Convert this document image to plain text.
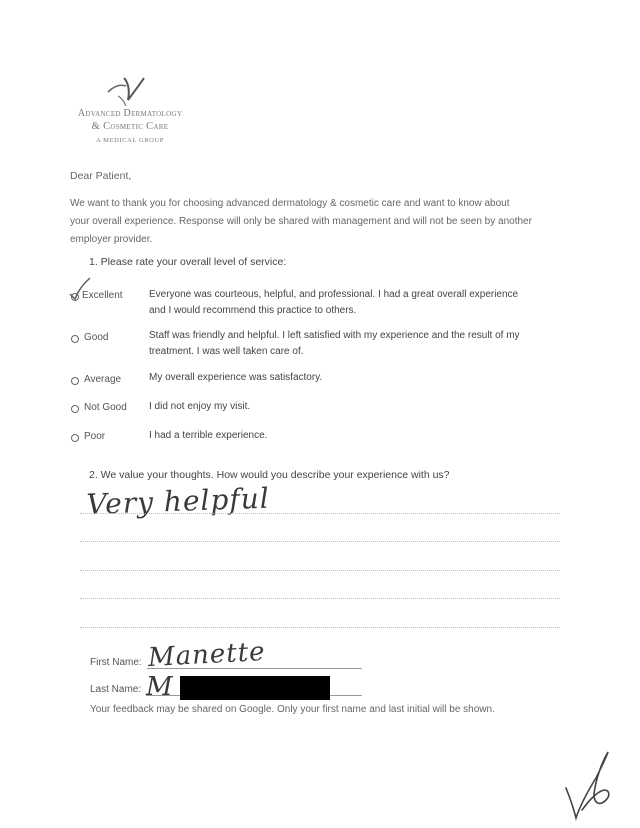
Advanced Dermatology
& Cosmetic Care
A MEDICAL GROUP
Dear Patient,
We want to thank you for choosing advanced dermatology & cosmetic care and want to know about
your overall experience. Response will only be shared with management and will not be seen by another
employer provider.
1. Please rate your overall level of service:
Excellent	Everyone was courteous, helpful, and professional. I had a great overall experience
and I would recommend this practice to others.
Good	Staff was friendly and helpful. I left satisfied with my experience and the result of my
treatment. I was well taken care of.
Average	My overall experience was satisfactory.
Not Good I did not enjoy my visit.
Poor	I had a terrible experience.
2. We value your thoughts. How would you describe your experience with us?
Very helpful
First Name: Manette
Last Name: M
Your feedback may be shared on Google. Only your first name and last initial will be shown.
